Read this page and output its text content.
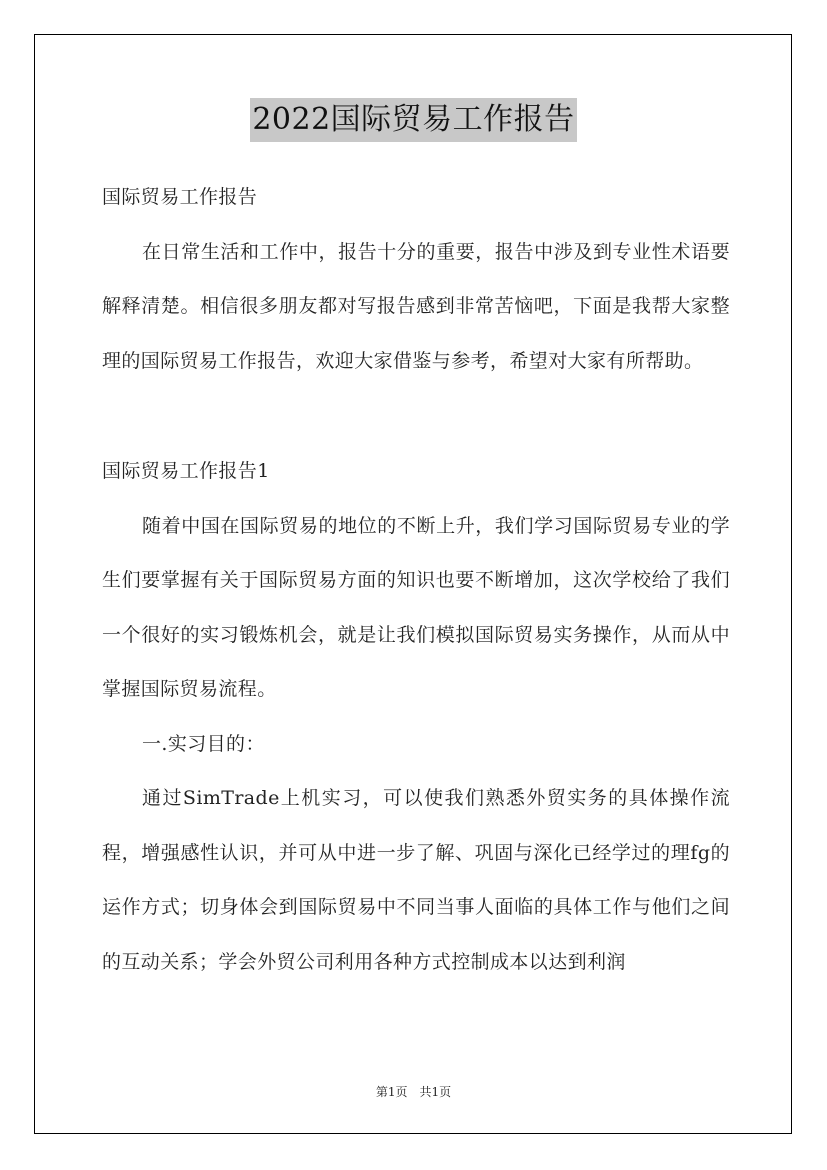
2022国际贸易工作报告

国际贸易工作报告

在日常生活和工作中，报告十分的重要，报告中涉及到专业性术语要解释清楚。相信很多朋友都对写报告感到非常苦恼吧，下面是我帮大家整理的国际贸易工作报告，欢迎大家借鉴与参考，希望对大家有所帮助。

国际贸易工作报告1

随着中国在国际贸易的地位的不断上升，我们学习国际贸易专业的学生们要掌握有关于国际贸易方面的知识也要不断增加，这次学校给了我们一个很好的实习锻炼机会，就是让我们模拟国际贸易实务操作，从而从中掌握国际贸易流程。

一.实习目的：

通过SimTrade上机实习，可以使我们熟悉外贸实务的具体操作流程，增强感性认识，并可从中进一步了解、巩固与深化已经学过的理fg的运作方式；切身体会到国际贸易中不同当事人面临的具体工作与他们之间的互动关系；学会外贸公司利用各种方式控制成本以达到利润

第1页　共1页
